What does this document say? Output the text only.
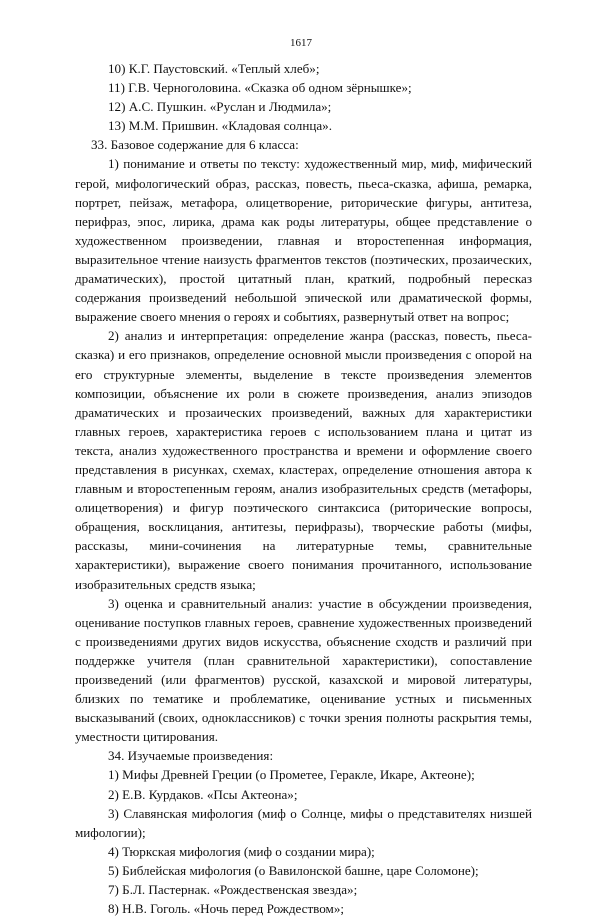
1617

10) К.Г. Паустовский. «Теплый хлеб»;

11) Г.В. Черноголовина. «Сказка об одном зёрнышке»;

12) А.С. Пушкин. «Руслан и Людмила»;

13) М.М. Пришвин. «Кладовая солнца».

33. Базовое содержание для 6 класса:

1) понимание и ответы по тексту: художественный мир, миф, мифический герой, мифологический образ, рассказ, повесть, пьеса-сказка, афиша, ремарка, портрет, пейзаж, метафора, олицетворение, риторические фигуры, антитеза, перифраз, эпос, лирика, драма как роды литературы, общее представление о художественном произведении, главная и второстепенная информация, выразительное чтение наизусть фрагментов текстов (поэтических, прозаических, драматических), простой цитатный план, краткий, подробный пересказ содержания произведений небольшой эпической или драматической формы, выражение своего мнения о героях и событиях, развернутый ответ на вопрос;

2) анализ и интерпретация: определение жанра (рассказ, повесть, пьеса-сказка) и его признаков, определение основной мысли произведения с опорой на его структурные элементы, выделение в тексте произведения элементов композиции, объяснение их роли в сюжете произведения, анализ эпизодов драматических и прозаических произведений, важных для характеристики главных героев, характеристика героев с использованием плана и цитат из текста, анализ художественного пространства и времени и оформление своего представления в рисунках, схемах, кластерах, определение отношения автора к главным и второстепенным героям, анализ изобразительных средств (метафоры, олицетворения) и фигур поэтического синтаксиса (риторические вопросы, обращения, восклицания, антитезы, перифразы), творческие работы (мифы, рассказы, мини-сочинения на литературные темы, сравнительные характеристики), выражение своего понимания прочитанного, использование изобразительных средств языка;

3) оценка и сравнительный анализ: участие в обсуждении произведения, оценивание поступков главных героев, сравнение художественных произведений с произведениями других видов искусства, объяснение сходств и различий при поддержке учителя (план сравнительной характеристики), сопоставление произведений (или фрагментов) русской, казахской и мировой литературы, близких по тематике и проблематике, оценивание устных и письменных высказываний (своих, одноклассников) с точки зрения полноты раскрытия темы, уместности цитирования.

34. Изучаемые произведения:

1) Мифы Древней Греции (о Прометее, Геракле, Икаре, Актеоне);

2) Е.В. Курдаков. «Псы Актеона»;

3) Славянская мифология (миф о Солнце, мифы о представителях низшей мифологии);

4) Тюркская мифология (миф о создании мира);

5) Библейская мифология (о Вавилонской башне, царе Соломоне);

7) Б.Л. Пастернак. «Рождественская звезда»;

8) Н.В. Гоголь. «Ночь перед Рождеством»;
